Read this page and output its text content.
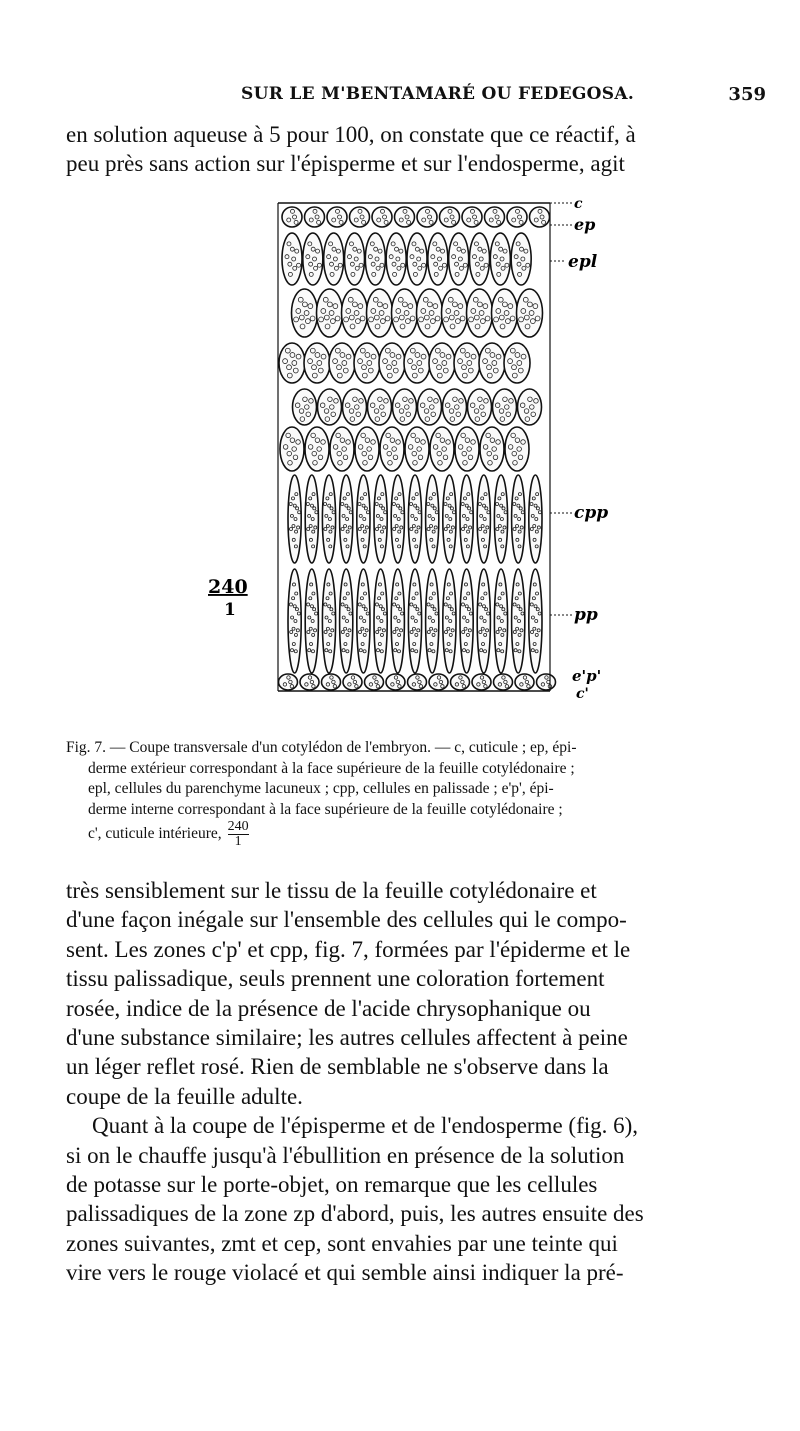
SUR LE M'BENTAMARÉ OU FEDEGOSA.	359
en solution aqueuse à 5 pour 100, on constate que ce réactif, à
peu près sans action sur l'épisperme et sur l'endosperme, agit
c
ep
epl
cpp
pp
e'p'
c'
240
1
Fig. 7. — Coupe transversale d'un cotylédon de l'embryon. — c, cuticule ; ep, épi-
derme extérieur correspondant à la face supérieure de la feuille cotylédonaire ;
epl, cellules du parenchyme lacuneux ; cpp, cellules en palissade ; e'p', épi-
derme interne correspondant à la face supérieure de la feuille cotylédonaire ;
c', cuticule intérieure, $\frac{240}{1}$
très sensiblement sur le tissu de la feuille cotylédonaire et
d'une façon inégale sur l'ensemble des cellules qui le compo-
sent. Les zones c'p' et cpp, fig. 7, formées par l'épiderme et le
tissu palissadique, seuls prennent une coloration fortement
rosée, indice de la présence de l'acide chrysophanique ou
d'une substance similaire; les autres cellules affectent à peine
un léger reflet rosé. Rien de semblable ne s'observe dans la
coupe de la feuille adulte.
Quant à la coupe de l'épisperme et de l'endosperme (fig. 6),
si on le chauffe jusqu'à l'ébullition en présence de la solution
de potasse sur le porte-objet, on remarque que les cellules
palissadiques de la zone zp d'abord, puis, les autres ensuite des
zones suivantes, zmt et cep, sont envahies par une teinte qui
vire vers le rouge violacé et qui semble ainsi indiquer la pré-
